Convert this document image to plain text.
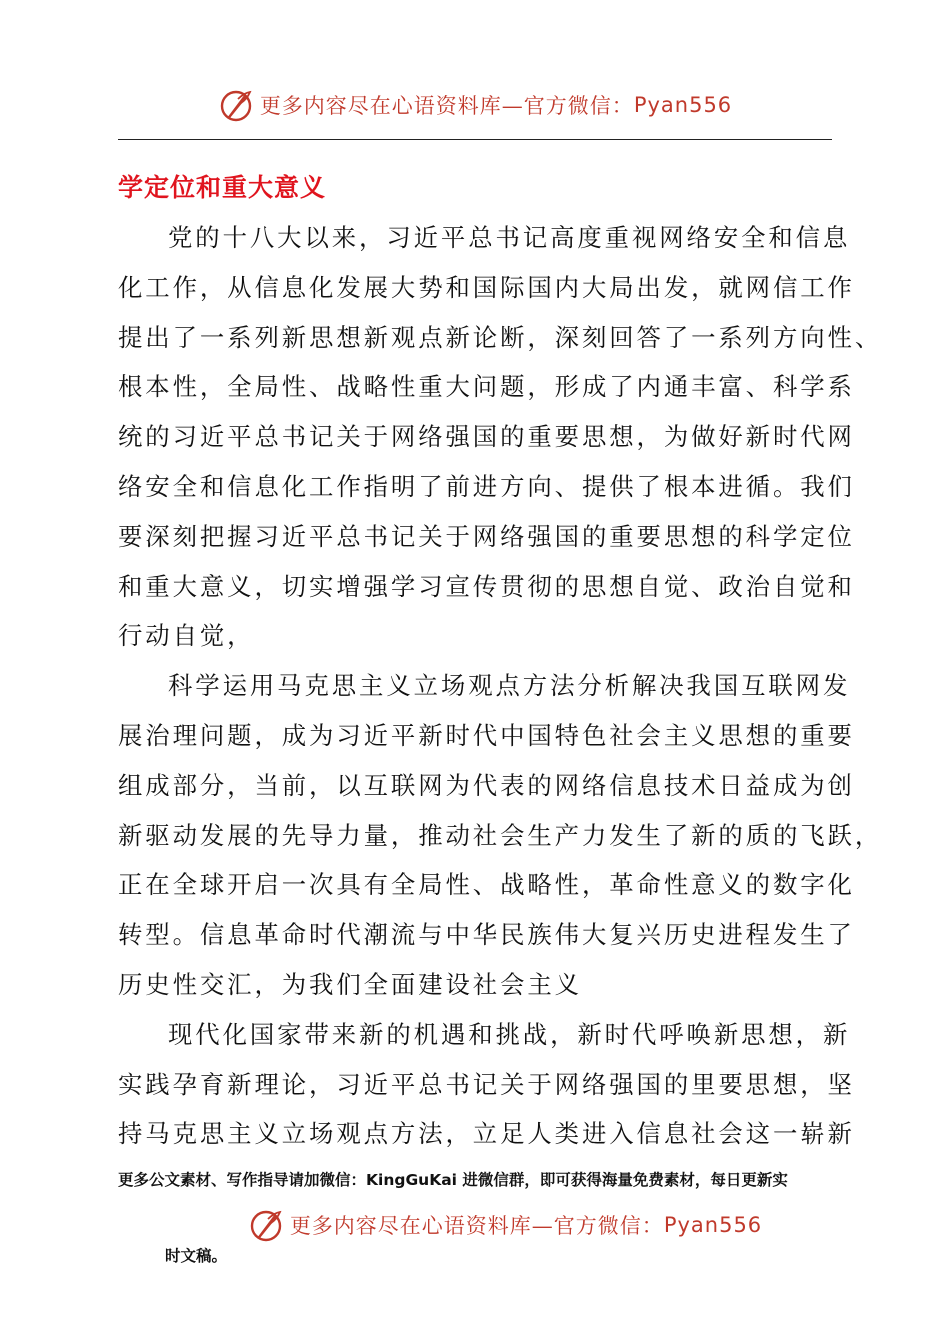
更多内容尽在心语资料库—官方微信： Pyan556
学定位和重大意义
党的十八大以来，习近平总书记高度重视网络安全和信息
化工作，从信息化发展大势和国际国内大局出发，就网信工作
提出了一系列新思想新观点新论断，深刻回答了一系列方向性、
根本性，全局性、战略性重大问题，形成了内通丰富、科学系
统的习近平总书记关于网络强国的重要思想，为做好新时代网
络安全和信息化工作指明了前进方向、提供了根本进循。我们
要深刻把握习近平总书记关于网络强国的重要思想的科学定位
和重大意义，切实增强学习宣传贯彻的思想自觉、政治自觉和
行动自觉，
科学运用马克思主义立场观点方法分析解决我国互联网发
展治理问题，成为习近平新时代中国特色社会主义思想的重要
组成部分，当前，以互联网为代表的网络信息技术日益成为创
新驱动发展的先导力量，推动社会生产力发生了新的质的飞跃，
正在全球开启一次具有全局性、战略性，革命性意义的数字化
转型。信息革命时代潮流与中华民族伟大复兴历史进程发生了
历史性交汇，为我们全面建设社会主义
现代化国家带来新的机遇和挑战，新时代呼唤新思想，新
实践孕育新理论，习近平总书记关于网络强国的里要思想，坚
持马克思主义立场观点方法，立足人类进入信息社会这一崭新
更多公文素材、写作指导请加微信：KingGuKai 进微信群，即可获得海量免费素材，每日更新实
更多内容尽在心语资料库—官方微信： Pyan556
时文稿。
